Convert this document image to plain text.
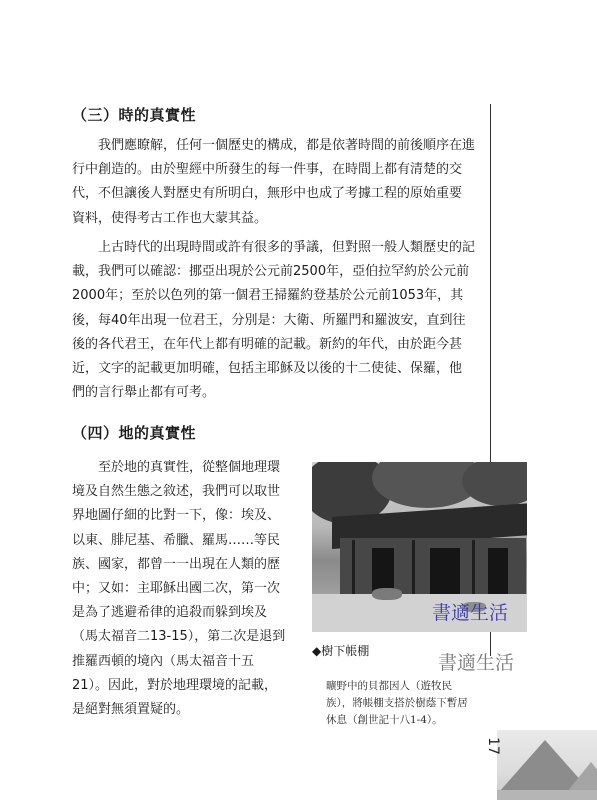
（三）時的真實性
我們應瞭解，任何一個歷史的構成，都是依著時間的前後順序在進
行中創造的。由於聖經中所發生的每一件事，在時間上都有清楚的交
代，不但讓後人對歷史有所明白，無形中也成了考據工程的原始重要
資料，使得考古工作也大蒙其益。
上古時代的出現時間或許有很多的爭議，但對照一般人類歷史的記
載，我們可以確認：挪亞出現於公元前2500年，亞伯拉罕約於公元前
2000年；至於以色列的第一個君王掃羅約登基於公元前1053年，其
後，每40年出現一位君王，分別是：大衛、所羅門和羅波安，直到往
後的各代君王，在年代上都有明確的記載。新約的年代，由於距今甚
近，文字的記載更加明確，包括主耶穌及以後的十二使徒、保羅，他
們的言行舉止都有可考。
（四）地的真實性
至於地的真實性，從整個地理環
境及自然生態之敘述，我們可以取世
界地圖仔細的比對一下，像：埃及、
以東、腓尼基、希臘、羅馬……等民
族、國家，都曾一一出現在人類的歷
中；又如：主耶穌出國二次，第一次
是為了逃避希律的追殺而躲到埃及
（馬太福音二13-15），第二次是退到
推羅西頓的境內（馬太福音十五
21）。因此，對於地理環境的記載，
是絕對無須置疑的。
書適生活
書適生活
◆樹下帳棚
曠野中的貝都因人（遊牧民
族），將帳棚支搭於樹蔭下暫居
休息（創世記十八1-4）。
17
